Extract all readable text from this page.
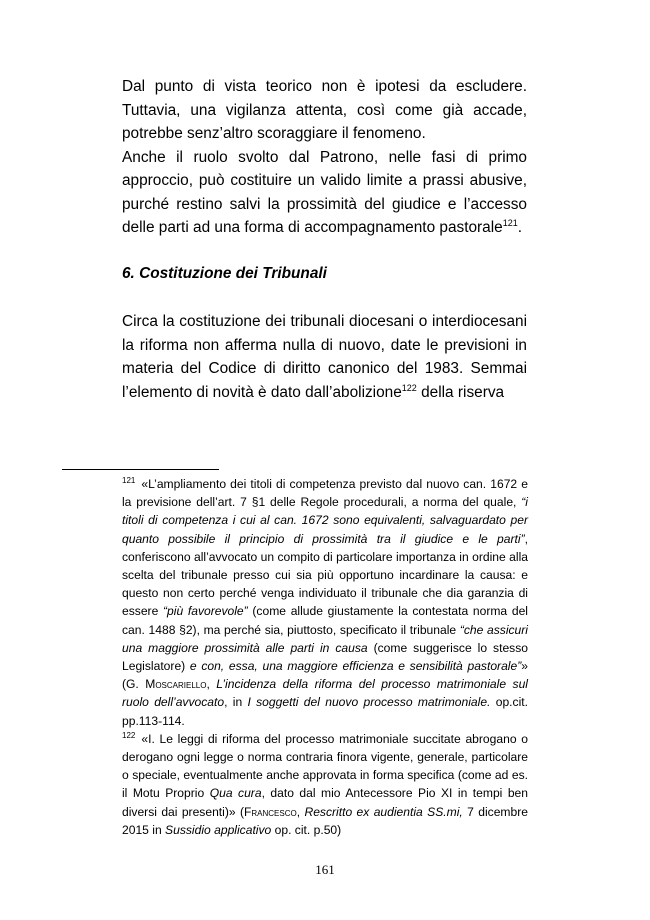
Dal punto di vista teorico non è ipotesi da escludere. Tuttavia, una vigilanza attenta, così come già accade, potrebbe senz’altro scoraggiare il fenomeno.

Anche il ruolo svolto dal Patrono, nelle fasi di primo approccio, può costituire un valido limite a prassi abusive, purché restino salvi la prossimità del giudice e l’accesso delle parti ad una forma di accompagnamento pastorale$^{121}$.

6. Costituzione dei Tribunali

Circa la costituzione dei tribunali diocesani o interdiocesani la riforma non afferma nulla di nuovo, date le previsioni in materia del Codice di diritto canonico del 1983. Semmai l’elemento di novità è dato dall’abolizione$^{122}$ della riserva

$^{121}$ «L’ampliamento dei titoli di competenza previsto dal nuovo can. 1672 e la previsione dell’art. 7 §1 delle Regole procedurali, a norma del quale, “i titoli di competenza i cui al can. 1672 sono equivalenti, salvaguardato per quanto possibile il principio di prossimità tra il giudice e le parti”, conferiscono all’avvocato un compito di particolare importanza in ordine alla scelta del tribunale presso cui sia più opportuno incardinare la causa: e questo non certo perché venga individuato il tribunale che dia garanzia di essere “più favorevole” (come allude giustamente la contestata norma del can. 1488 §2), ma perché sia, piuttosto, specificato il tribunale “che assicuri una maggiore prossimità alle parti in causa (come suggerisce lo stesso Legislatore) e con, essa, una maggiore efficienza e sensibilità pastorale”» (G. Moscariello, L’incidenza della riforma del processo matrimoniale sul ruolo dell’avvocato, in I soggetti del nuovo processo matrimoniale. op.cit. pp.113-114.

$^{122}$ «I. Le leggi di riforma del processo matrimoniale succitate abrogano o derogano ogni legge o norma contraria finora vigente, generale, particolare o speciale, eventualmente anche approvata in forma specifica (come ad es. il Motu Proprio Qua cura, dato dal mio Antecessore Pio XI in tempi ben diversi dai presenti)» (Francesco, Rescritto ex audientia SS.mi, 7 dicembre 2015 in Sussidio applicativo op. cit. p.50)

161
